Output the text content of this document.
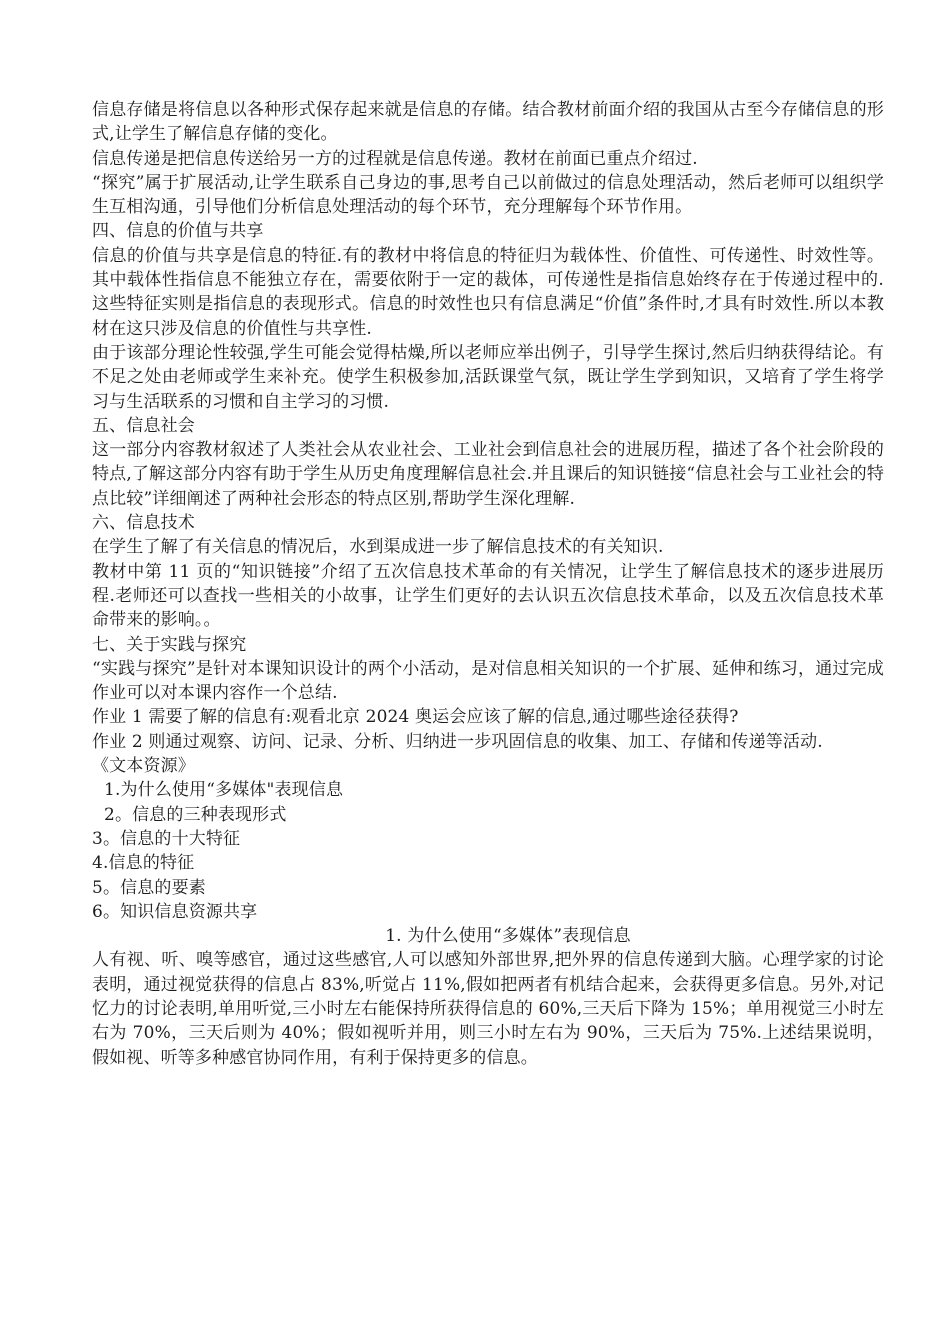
信息存储是将信息以各种形式保存起来就是信息的存储。结合教材前面介绍的我国从古至今存储信息的形式,让学生了解信息存储的变化。

信息传递是把信息传送给另一方的过程就是信息传递。教材在前面已重点介绍过.

“探究”属于扩展活动,让学生联系自己身边的事,思考自己以前做过的信息处理活动，然后老师可以组织学生互相沟通，引导他们分析信息处理活动的每个环节，充分理解每个环节作用。

四、信息的价值与共享

信息的价值与共享是信息的特征.有的教材中将信息的特征归为载体性、价值性、可传递性、时效性等。其中载体性指信息不能独立存在，需要依附于一定的裁体，可传递性是指信息始终存在于传递过程中的.这些特征实则是指信息的表现形式。信息的时效性也只有信息满足“价值”条件时,才具有时效性.所以本教材在这只涉及信息的价值性与共享性.

由于该部分理论性较强,学生可能会觉得枯燥,所以老师应举出例子，引导学生探讨,然后归纳获得结论。有不足之处由老师或学生来补充。使学生积极参加,活跃课堂气氛，既让学生学到知识，又培育了学生将学习与生活联系的习惯和自主学习的习惯.

五、信息社会

这一部分内容教材叙述了人类社会从农业社会、工业社会到信息社会的进展历程，描述了各个社会阶段的特点,了解这部分内容有助于学生从历史角度理解信息社会.并且课后的知识链接“信息社会与工业社会的特点比较”详细阐述了两种社会形态的特点区别,帮助学生深化理解.

六、信息技术

在学生了解了有关信息的情况后，水到渠成进一步了解信息技术的有关知识.

教材中第 11 页的“知识链接”介绍了五次信息技术革命的有关情况，让学生了解信息技术的逐步进展历程.老师还可以查找一些相关的小故事，让学生们更好的去认识五次信息技术革命，以及五次信息技术革命带来的影响。。

七、关于实践与探究

“实践与探究”是针对本课知识设计的两个小活动，是对信息相关知识的一个扩展、延伸和练习，通过完成作业可以对本课内容作一个总结.

作业 1 需要了解的信息有:观看北京 2024 奥运会应该了解的信息,通过哪些途径获得?

作业 2 则通过观察、访问、记录、分析、归纳进一步巩固信息的收集、加工、存储和传递等活动.

《文本资源》

1.为什么使用“多媒体"表现信息

2。信息的三种表现形式

3。信息的十大特征

4.信息的特征

5。信息的要素

6。知识信息资源共享

1. 为什么使用“多媒体”表现信息

人有视、听、嗅等感官，通过这些感官,人可以感知外部世界,把外界的信息传递到大脑。心理学家的讨论表明，通过视觉获得的信息占 83%,听觉占 11%,假如把两者有机结合起来，会获得更多信息。另外,对记忆力的讨论表明,单用听觉,三小时左右能保持所获得信息的 60%,三天后下降为 15%；单用视觉三小时左右为 70%，三天后则为 40%；假如视听并用，则三小时左右为 90%，三天后为 75%.上述结果说明，假如视、听等多种感官协同作用，有利于保持更多的信息。
